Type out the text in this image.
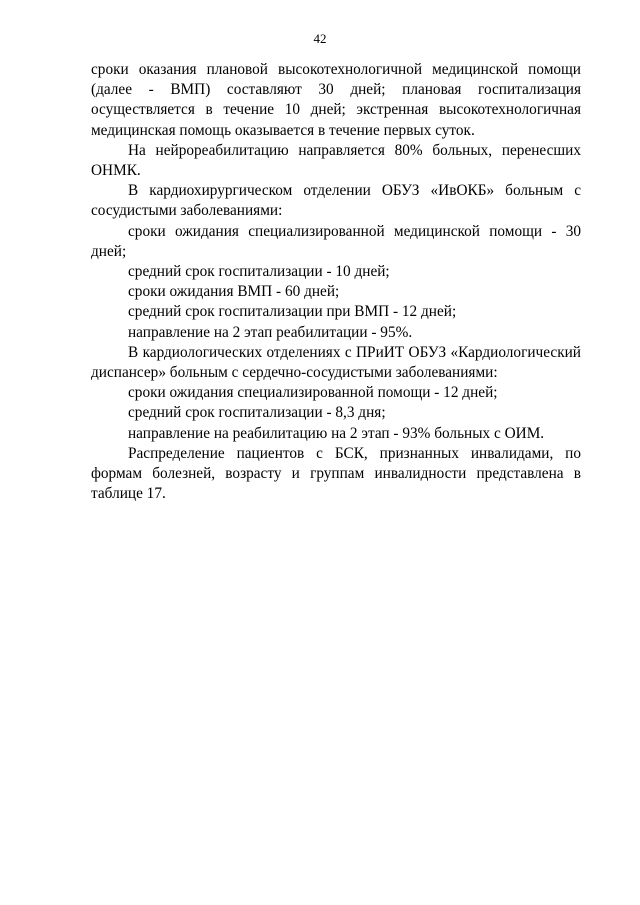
42

сроки оказания плановой высокотехнологичной медицинской помощи (далее - ВМП) составляют 30 дней; плановая госпитализация осуществляется в течение 10 дней; экстренная высокотехнологичная медицинская помощь оказывается в течение первых суток.

На нейрореабилитацию направляется 80% больных, перенесших ОНМК.

В кардиохирургическом отделении ОБУЗ «ИвОКБ» больным с сосудистыми заболеваниями:

сроки ожидания специализированной медицинской помощи - 30 дней;

средний срок госпитализации - 10 дней;

сроки ожидания ВМП - 60 дней;

средний срок госпитализации при ВМП - 12 дней;

направление на 2 этап реабилитации - 95%.

В кардиологических отделениях с ПРиИТ ОБУЗ «Кардиологический диспансер» больным с сердечно-сосудистыми заболеваниями:

сроки ожидания специализированной помощи - 12 дней;

средний срок госпитализации - 8,3 дня;

направление на реабилитацию на 2 этап - 93% больных с ОИМ.

Распределение пациентов с БСК, признанных инвалидами, по формам болезней, возрасту и группам инвалидности представлена в таблице 17.
